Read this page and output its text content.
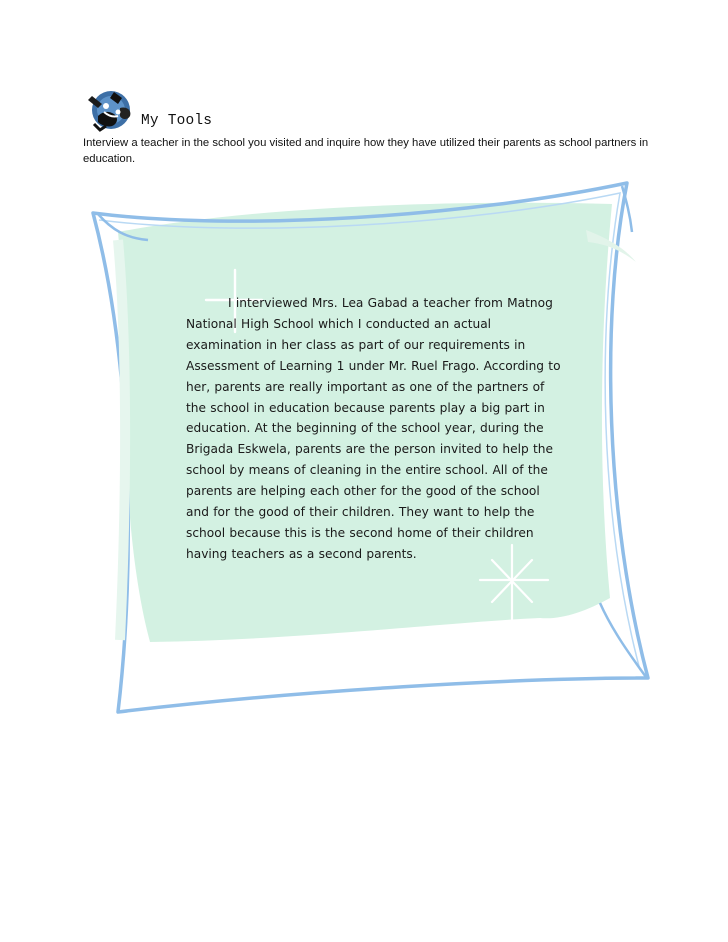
My Tools
Interview a teacher in the school you visited and inquire how they have utilized their parents as school partners in education.

I interviewed Mrs. Lea Gabad a teacher from Matnog National High School which I conducted an actual examination in her class as part of our requirements in Assessment of Learning 1 under Mr. Ruel Frago. According to her, parents are really important as one of the partners of the school in education because parents play a big part in education. At the beginning of the school year, during the Brigada Eskwela, parents are the person invited to help the school by means of cleaning in the entire school. All of the parents are helping each other for the good of the school and for the good of their children. They want to help the school because this is the second home of their children having teachers as a second parents.
